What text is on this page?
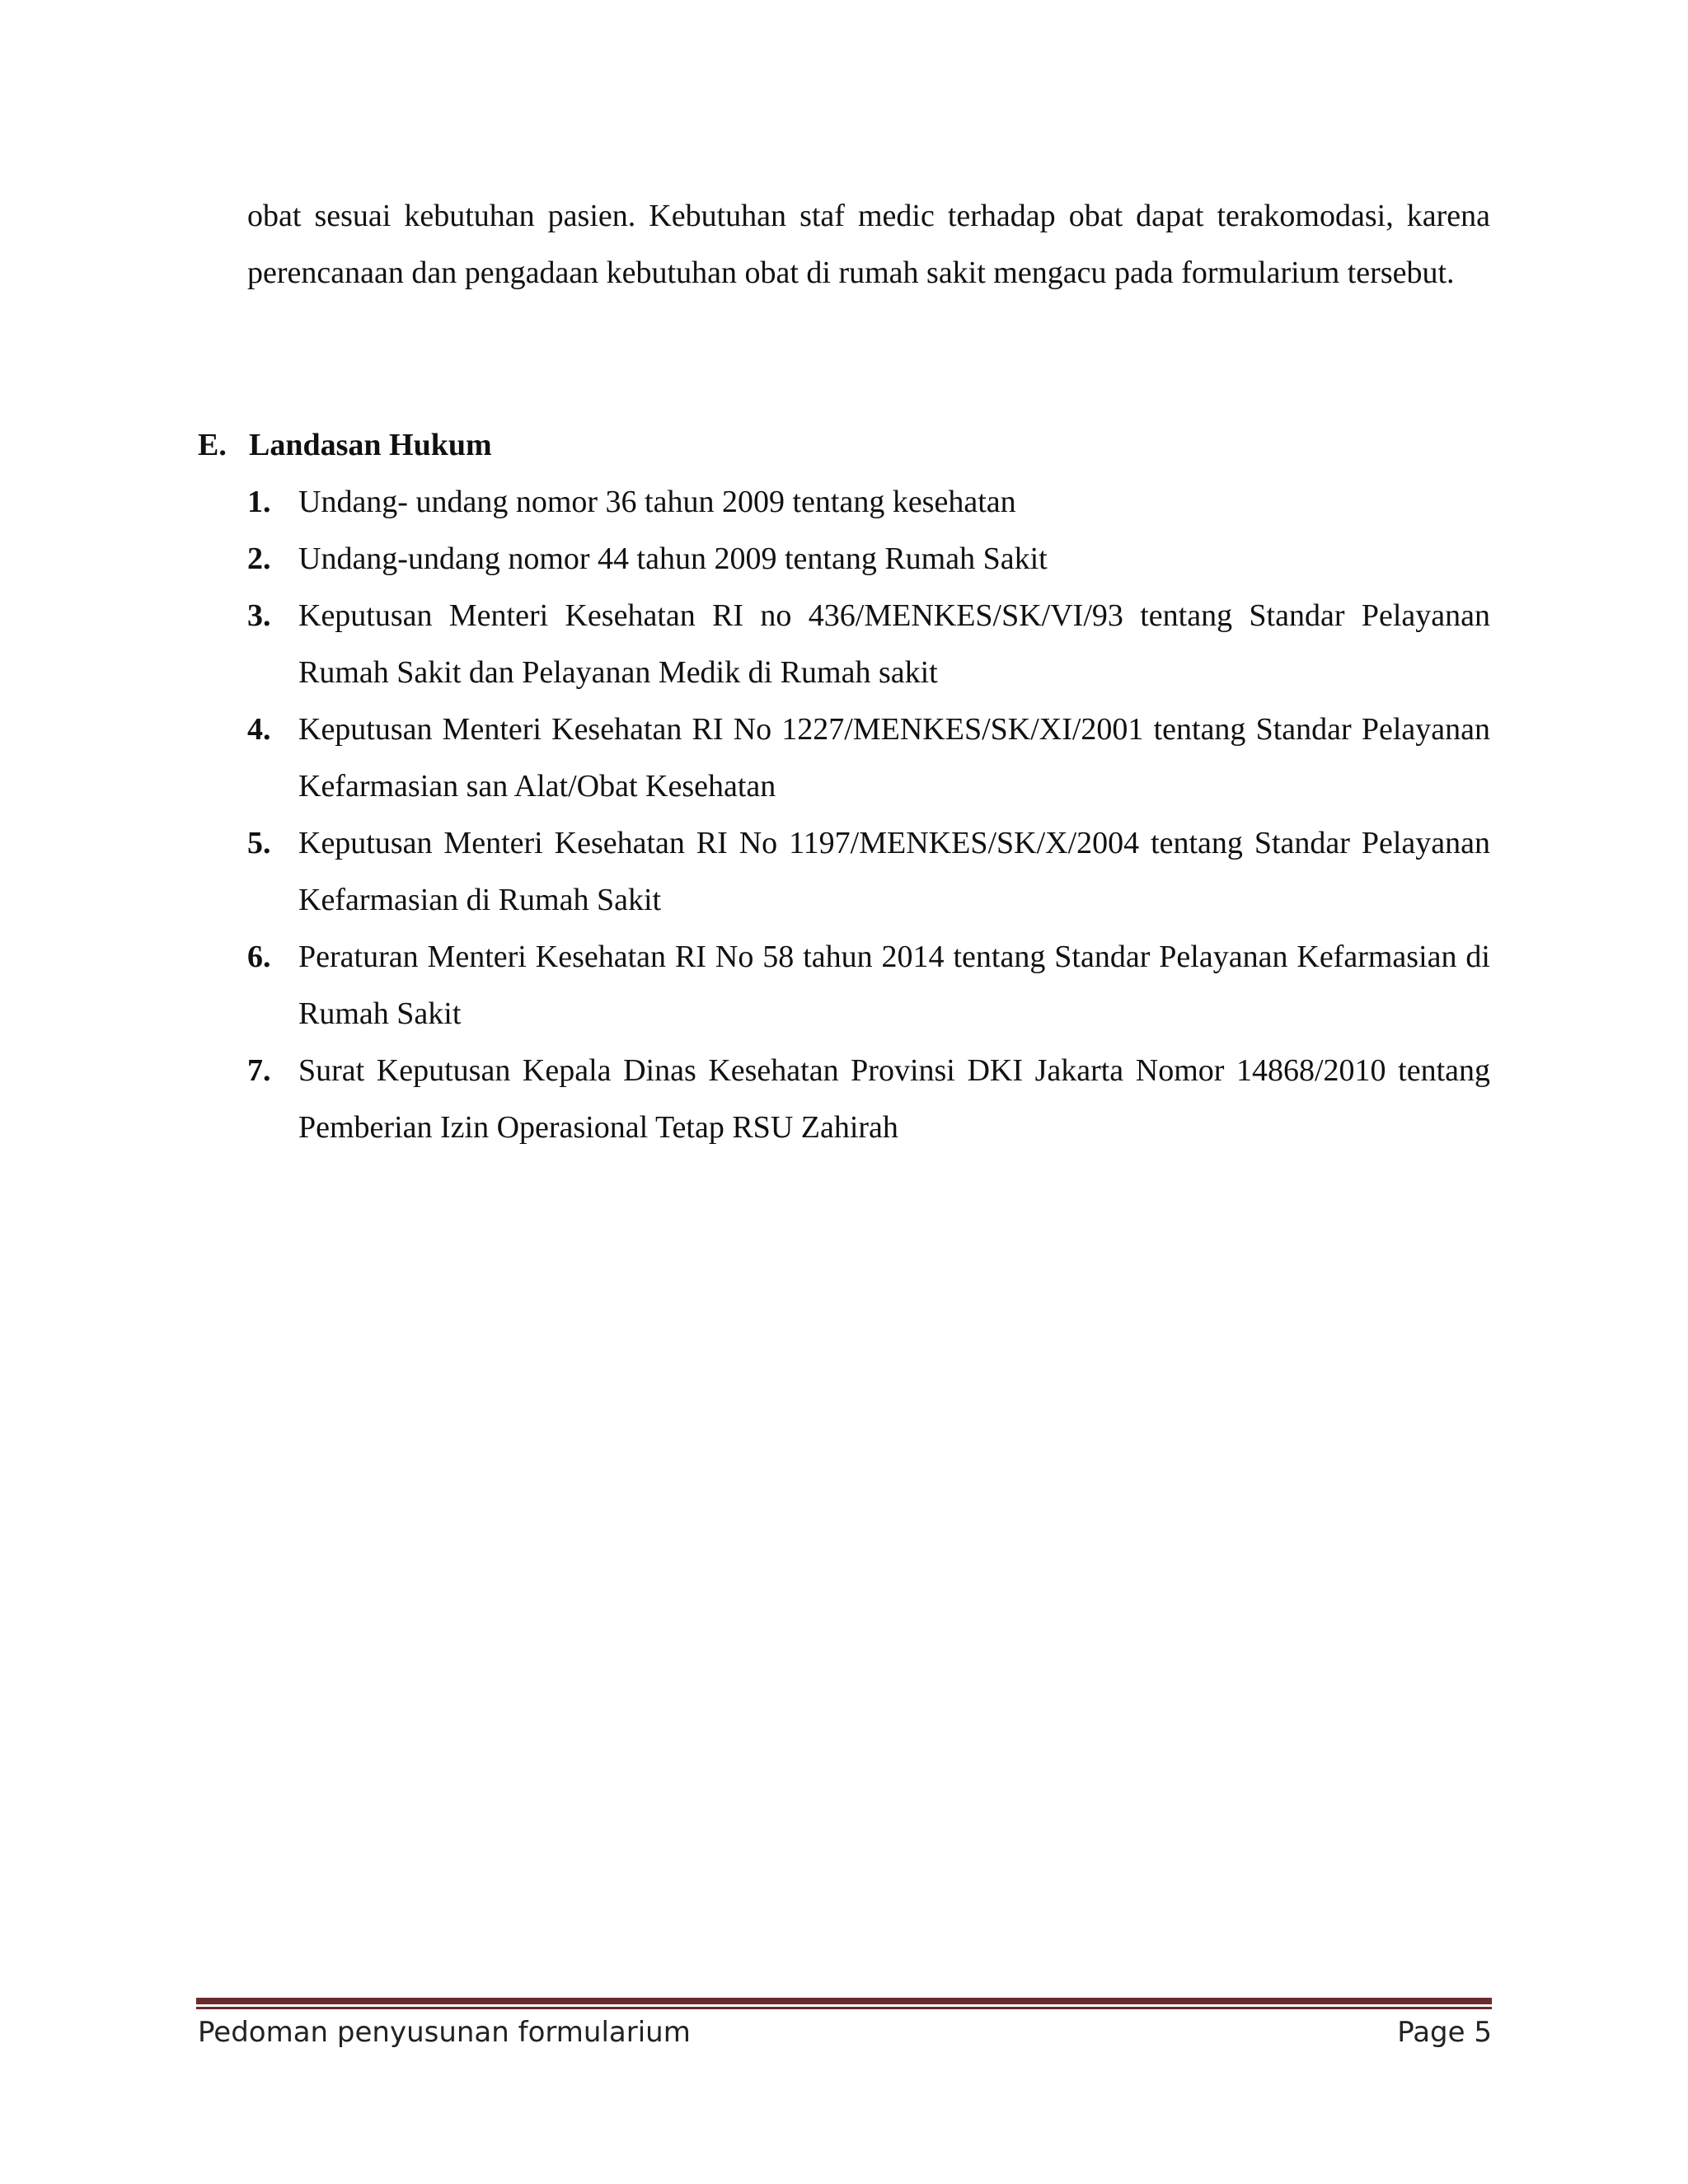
obat sesuai kebutuhan pasien. Kebutuhan staf medic terhadap obat dapat terakomodasi, karena perencanaan dan pengadaan kebutuhan obat di rumah sakit mengacu pada formularium tersebut.

E. Landasan Hukum
1. Undang- undang nomor 36 tahun 2009 tentang kesehatan
2. Undang-undang nomor 44 tahun 2009 tentang Rumah Sakit
3. Keputusan Menteri Kesehatan RI no 436/MENKES/SK/VI/93 tentang Standar Pelayanan Rumah Sakit dan Pelayanan Medik di Rumah sakit
4. Keputusan Menteri Kesehatan RI No 1227/MENKES/SK/XI/2001 tentang Standar Pelayanan Kefarmasian san Alat/Obat Kesehatan
5. Keputusan Menteri Kesehatan RI No 1197/MENKES/SK/X/2004 tentang Standar Pelayanan Kefarmasian di Rumah Sakit
6. Peraturan Menteri Kesehatan RI No 58 tahun 2014 tentang Standar Pelayanan Kefarmasian di Rumah Sakit
7. Surat Keputusan Kepala Dinas Kesehatan Provinsi DKI Jakarta Nomor 14868/2010 tentang Pemberian Izin Operasional Tetap RSU Zahirah
Pedoman penyusunan formularium	Page 5
